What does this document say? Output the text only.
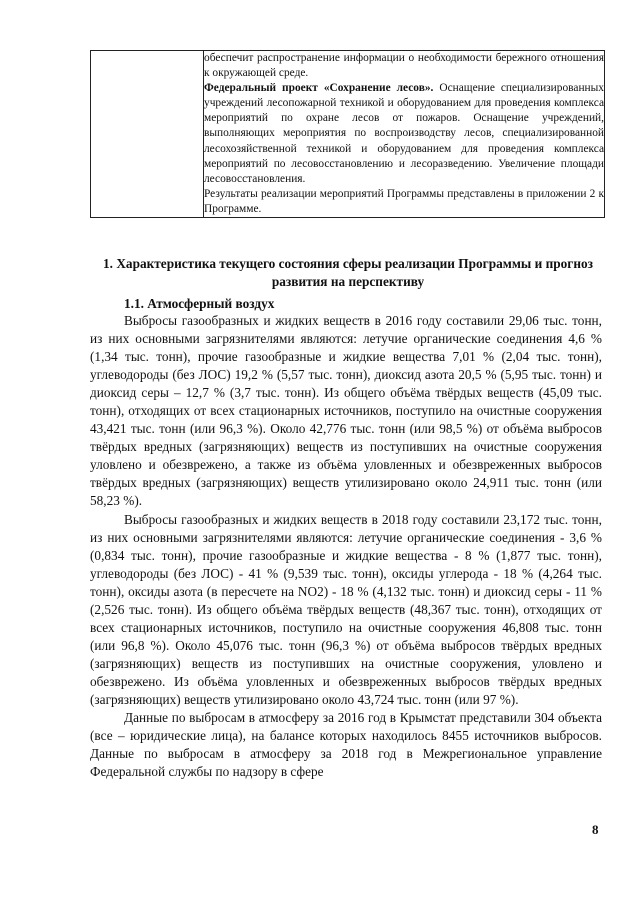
обеспечит распространение информации о необходимости бережного отношения к окружающей среде.

Федеральный проект «Сохранение лесов». Оснащение специализированных учреждений лесопожарной техникой и оборудованием для проведения комплекса мероприятий по охране лесов от пожаров. Оснащение учреждений, выполняющих мероприятия по воспроизводству лесов, специализированной лесохозяйственной техникой и оборудованием для проведения комплекса мероприятий по лесовосстановлению и лесоразведению. Увеличение площади лесовосстановления.

Результаты реализации мероприятий Программы представлены в приложении 2 к Программе.

1. Характеристика текущего состояния сферы реализации Программы и прогноз развития на перспективу
1.1. Атмосферный воздух

Выбросы газообразных и жидких веществ в 2016 году составили 29,06 тыс. тонн, из них основными загрязнителями являются: летучие органические соединения 4,6 % (1,34 тыс. тонн), прочие газообразные и жидкие вещества 7,01 % (2,04 тыс. тонн), углеводороды (без ЛОС) 19,2 % (5,57 тыс. тонн), диоксид азота 20,5 % (5,95 тыс. тонн) и диоксид серы – 12,7 % (3,7 тыс. тонн). Из общего объёма твёрдых веществ (45,09 тыс. тонн), отходящих от всех стационарных источников, поступило на очистные сооружения 43,421 тыс. тонн (или 96,3 %). Около 42,776 тыс. тонн (или 98,5 %) от объёма выбросов твёрдых вредных (загрязняющих) веществ из поступивших на очистные сооружения уловлено и обезврежено, а также из объёма уловленных и обезвреженных выбросов твёрдых вредных (загрязняющих) веществ утилизировано около 24,911 тыс. тонн (или 58,23 %).

Выбросы газообразных и жидких веществ в 2018 году составили 23,172 тыс. тонн, из них основными загрязнителями являются: летучие органические соединения - 3,6 % (0,834 тыс. тонн), прочие газообразные и жидкие вещества - 8 % (1,877 тыс. тонн), углеводороды (без ЛОС) - 41 % (9,539 тыс. тонн), оксиды углерода - 18 % (4,264 тыс. тонн), оксиды азота (в пересчете на NO2) - 18 % (4,132 тыс. тонн) и диоксид серы - 11 % (2,526 тыс. тонн). Из общего объёма твёрдых веществ (48,367 тыс. тонн), отходящих от всех стационарных источников, поступило на очистные сооружения 46,808 тыс. тонн (или 96,8 %). Около 45,076 тыс. тонн (96,3 %) от объёма выбросов твёрдых вредных (загрязняющих) веществ из поступивших на очистные сооружения, уловлено и обезврежено. Из объёма уловленных и обезвреженных выбросов твёрдых вредных (загрязняющих) веществ утилизировано около 43,724 тыс. тонн (или 97 %).

Данные по выбросам в атмосферу за 2016 год в Крымстат представили 304 объекта (все – юридические лица), на балансе которых находилось 8455 источников выбросов. Данные по выбросам в атмосферу за 2018 год в Межрегиональное управление Федеральной службы по надзору в сфере

8
